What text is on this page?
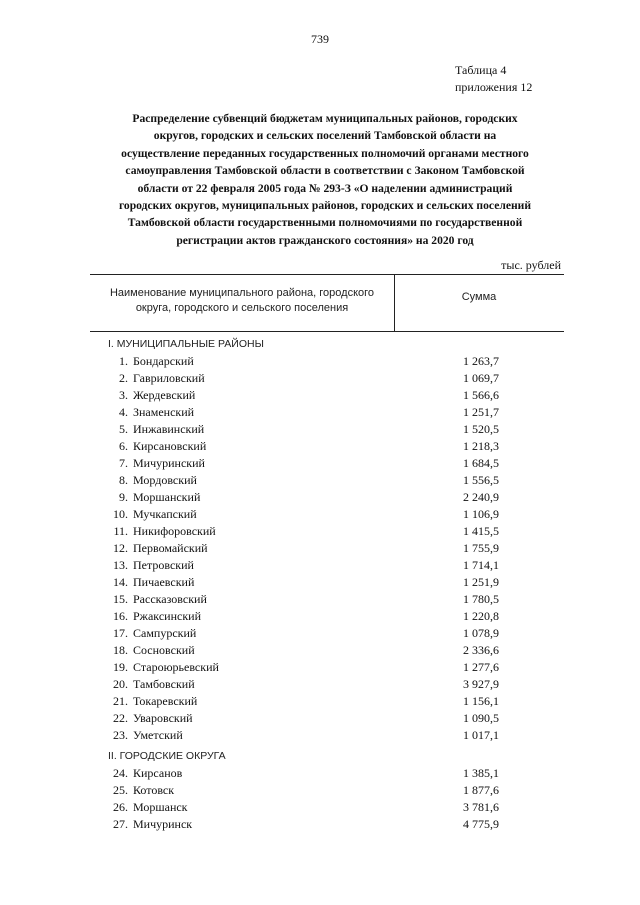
739
Таблица 4
приложения 12
Распределение субвенций бюджетам муниципальных районов, городских
округов, городских и сельских поселений Тамбовской области на
осуществление переданных государственных полномочий органами местного
самоуправления Тамбовской области в соответствии с Законом Тамбовской
области от 22 февраля 2005 года № 293-З «О наделении администраций
городских округов, муниципальных районов, городских и сельских поселений
Тамбовской области государственными полномочиями по государственной
регистрации актов гражданского состояния» на 2020 год
тыс. рублей
Наименование муниципального района, городского
округа, городского и сельского поселения
Сумма
I. МУНИЦИПАЛЬНЫЕ РАЙОНЫ
1. Бондарский	1 263,7
2. Гавриловский	1 069,7
3. Жердевский	1 566,6
4. Знаменский	1 251,7
5. Инжавинский	1 520,5
6. Кирсановский	1 218,3
7. Мичуринский	1 684,5
8. Мордовский	1 556,5
9. Моршанский	2 240,9
10. Мучкапский	1 106,9
11. Никифоровский	1 415,5
12. Первомайский	1 755,9
13. Петровский	1 714,1
14. Пичаевский	1 251,9
15. Рассказовский	1 780,5
16. Ржаксинский	1 220,8
17. Сампурский	1 078,9
18. Сосновский	2 336,6
19. Староюрьевский	1 277,6
20. Тамбовский	3 927,9
21. Токаревский	1 156,1
22. Уваровский	1 090,5
23. Уметский	1 017,1
II. ГОРОДСКИЕ ОКРУГА
24. Кирсанов	1 385,1
25. Котовск	1 877,6
26. Моршанск	3 781,6
27. Мичуринск	4 775,9
